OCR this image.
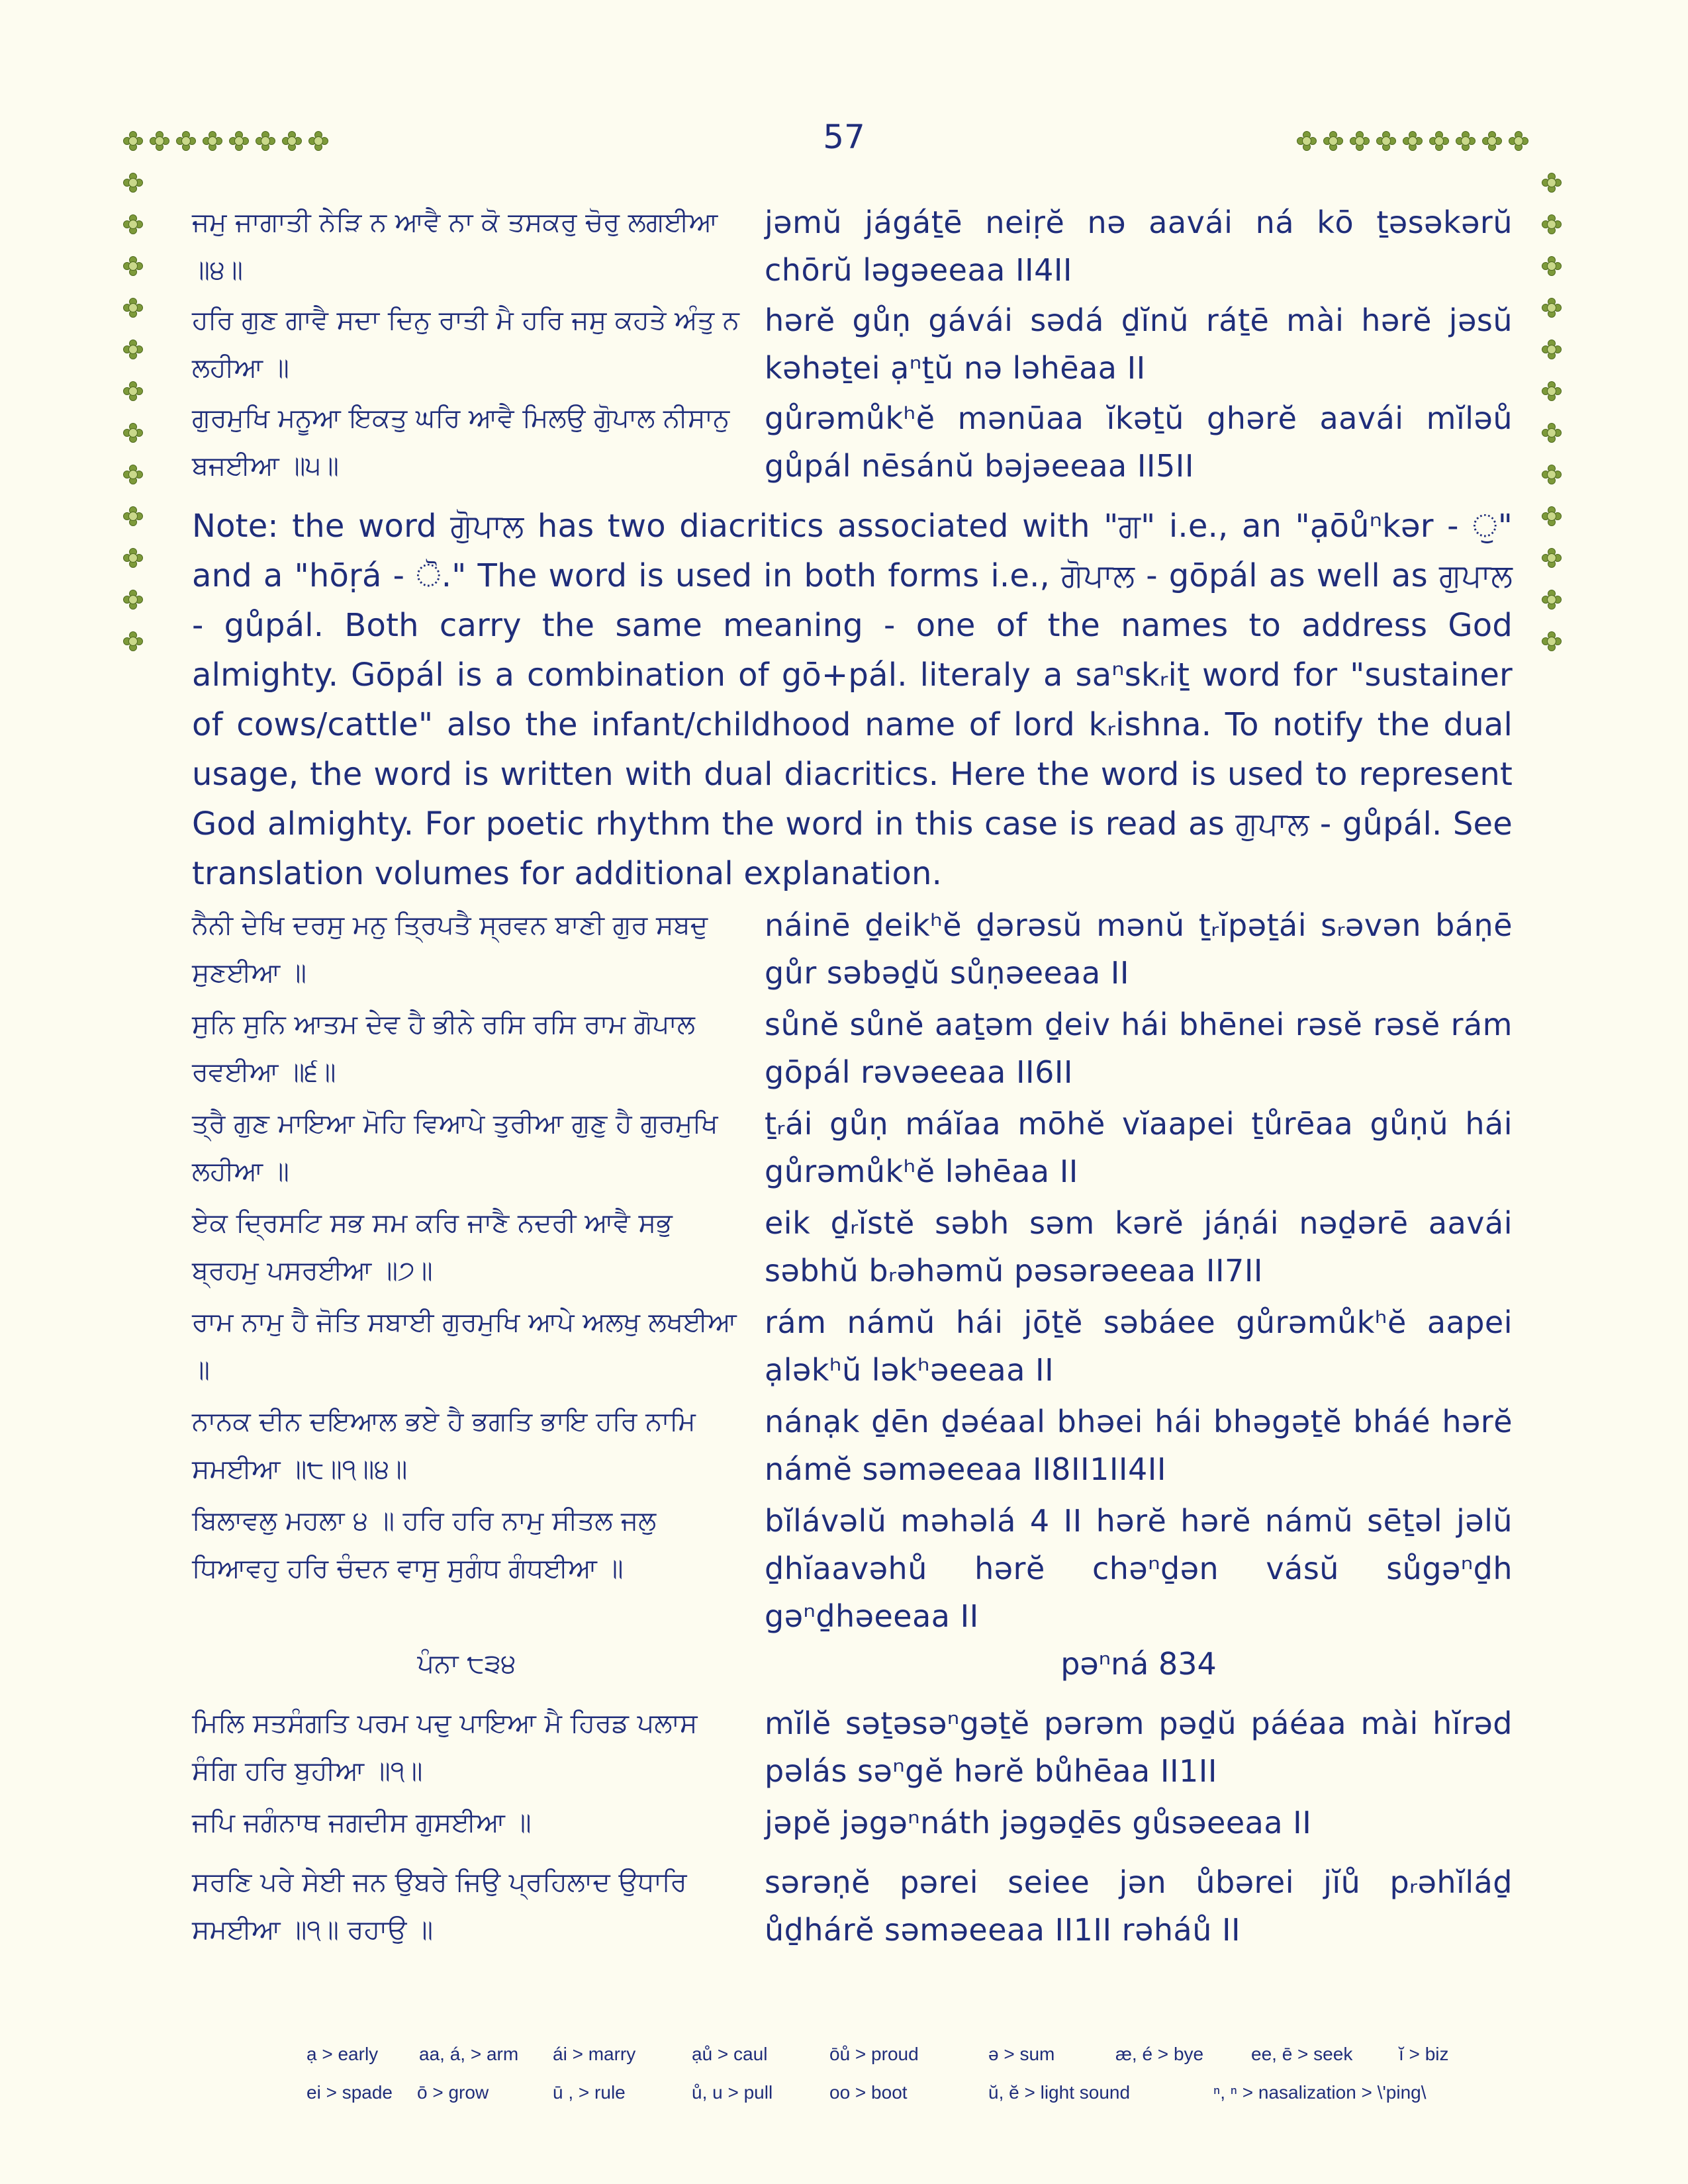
57
ਜਮੁ ਜਾਗਾਤੀ ਨੇੜਿ ਨ ਆਵੈ ਨਾ ਕੋ ਤਸਕਰੁ ਚੋਰੁ ਲਗਈਆ ॥੪॥
jəmŭ jágáṯē neiṛĕ nə aavái ná kō ṯəsəkərŭ chōrŭ ləgəeeaa II4II
ਹਰਿ ਗੁਣ ਗਾਵੈ ਸਦਾ ਦਿਨੁ ਰਾਤੀ ਮੈ ਹਰਿ ਜਸੁ ਕਹਤੇ ਅੰਤੁ ਨ ਲਹੀਆ ॥
hərĕ gůṇ gávái sədá ḏĭnŭ ráṯē mài hərĕ jəsŭ kəhəṯei ạⁿṯŭ nə ləhēaa II
ਗੁਰਮੁਖਿ ਮਨੂਆ ਇਕਤੁ ਘਰਿ ਆਵੈ ਮਿਲਉ ਗੁੋਪਾਲ ਨੀਸਾਨੁ ਬਜਈਆ ॥੫॥
gůrəmůkʰĕ mənūaa ĭkəṯŭ ghərĕ aavái mĭləů gůpál nēsánŭ bəjəeeaa II5II
ਨੈਨੀ ਦੇਖਿ ਦਰਸੁ ਮਨੁ ਤ੍ਰਿਪਤੈ ਸ੍ਰਵਨ ਬਾਣੀ ਗੁਰ ਸਬਦੁ ਸੁਣਈਆ ॥
náinē ḏeikʰĕ ḏərəsŭ mənŭ ṯᵣĭpəṯái sᵣəvən báṇē gůr səbəḏŭ sůṇəeeaa II
ਸੁਨਿ ਸੁਨਿ ਆਤਮ ਦੇਵ ਹੈ ਭੀਨੇ ਰਸਿ ਰਸਿ ਰਾਮ ਗੋਪਾਲ ਰਵਈਆ ॥੬॥
sůnĕ sůnĕ aaṯəm ḏeiv hái bhēnei rəsĕ rəsĕ rám gōpál rəvəeeaa II6II
ਤ੍ਰੈ ਗੁਣ ਮਾਇਆ ਮੋਹਿ ਵਿਆਪੇ ਤੁਰੀਆ ਗੁਣੁ ਹੈ ਗੁਰਮੁਖਿ ਲਹੀਆ ॥
ṯᵣái gůṇ máĭaa mōhĕ vĭaapei ṯůrēaa gůṇŭ hái gůrəmůkʰĕ ləhēaa II
ਏਕ ਦ੍ਰਿਸਟਿ ਸਭ ਸਮ ਕਰਿ ਜਾਣੈ ਨਦਰੀ ਆਵੈ ਸਭੁ ਬ੍ਰਹਮੁ ਪਸਰਈਆ ॥੭॥
eik ḏᵣĭstĕ səbh səm kərĕ jáṇái nəḏərē aavái səbhŭ bᵣəhəmŭ pəsərəeeaa II7II
ਰਾਮ ਨਾਮੁ ਹੈ ਜੋਤਿ ਸਬਾਈ ਗੁਰਮੁਖਿ ਆਪੇ ਅਲਖੁ ਲਖਈਆ ॥
rám námŭ hái jōṯĕ səbáee gůrəmůkʰĕ aapei ạləkʰŭ ləkʰəeeaa II
ਨਾਨਕ ਦੀਨ ਦਇਆਲ ਭਏ ਹੈ ਭਗਤਿ ਭਾਇ ਹਰਿ ਨਾਮਿ ਸਮਈਆ ॥੮॥੧॥੪॥
nánạk ḏēn ḏəéaal bhəei hái bhəgəṯĕ bháé hərĕ námĕ səməeeaa II8II1II4II
ਬਿਲਾਵਲੁ ਮਹਲਾ ੪ ॥ ਹਰਿ ਹਰਿ ਨਾਮੁ ਸੀਤਲ ਜਲੁ ਧਿਆਵਹੁ ਹਰਿ ਚੰਦਨ ਵਾਸੁ ਸੁਗੰਧ ਗੰਧਈਆ ॥
bĭlávəlŭ məhəlá 4 II hərĕ hərĕ námŭ sēṯəl jəlŭ ḏhĭaavəhů hərĕ chəⁿḏən vásŭ sůgəⁿḏh gəⁿḏhəeeaa II
ਮਿਲਿ ਸਤਸੰਗਤਿ ਪਰਮ ਪਦੁ ਪਾਇਆ ਮੈ ਹਿਰਡ ਪਲਾਸ ਸੰਗਿ ਹਰਿ ਬੁਹੀਆ ॥੧॥
mĭlĕ səṯəsəⁿgəṯĕ pərəm pəḏŭ páéaa mài hĭrəd pəlás səⁿgĕ hərĕ bůhēaa II1II
ਜਪਿ ਜਗੰਨਾਥ ਜਗਦੀਸ ਗੁਸਈਆ ॥	jəpĕ jəgəⁿnáth jəgəḏēs gůsəeeaa II
ਸਰਣਿ ਪਰੇ ਸੇਈ ਜਨ ਉਬਰੇ ਜਿਉ ਪ੍ਰਹਿਲਾਦ ਉਧਾਰਿ ਸਮਈਆ ॥੧॥ ਰਹਾਉ ॥
sərəṇĕ pərei seiee jən ůbərei jĭů pᵣəhĭláḏ ůḏhárĕ səməeeaa II1II rəháů II
Note: the word ਗੁੋਪਾਲ has two diacritics associated with "ਗ" i.e., an "ạōůⁿkər - ੁ" and a "hōṛá - ੋ." The word is used in both forms i.e., ਗੋਪਾਲ - gōpál as well as ਗੁਪਾਲ - gůpál. Both carry the same meaning - one of the names to address God almighty. Gōpál is a combination of gō+pál. literaly a saⁿskᵣiṯ word for "sustainer of cows/cattle" also the infant/childhood name of lord kᵣishna. To notify the dual usage, the word is written with dual diacritics. Here the word is used to represent God almighty. For poetic rhythm the word in this case is read as ਗੁਪਾਲ - gůpál. See translation volumes for additional explanation.
ਪੰਨਾ ੮੩੪	pəⁿná 834
ạ > early aa, á, > arm ái > marry	ạů > caul	ōů > proud	ə > sum	æ, é > bye	ee, ē > seek ĭ > biz
ei > spade ō > grow	ū , > rule	ů, u > pull	oo > boot	ŭ, ĕ > light sound	ⁿ, ⁿ > nasalization > \'ping\
